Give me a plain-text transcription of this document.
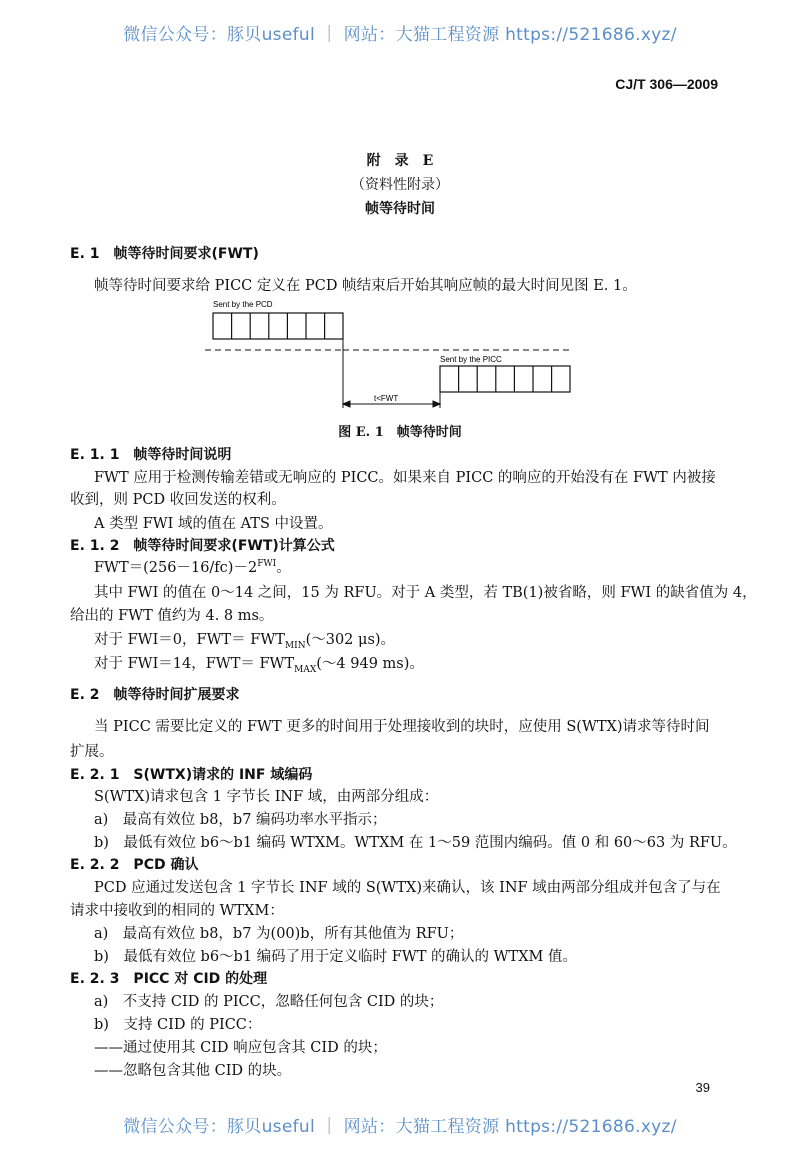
微信公众号：豚贝useful ｜ 网站：大猫工程资源 https://521686.xyz/
CJ/T 306—2009
附　录　E
（资料性附录）
帧等待时间
E. 1　帧等待时间要求(FWT)
帧等待时间要求给 PICC 定义在 PCD 帧结束后开始其响应帧的最大时间见图 E. 1。
Sent by the PCD
Sent by the PICC
t<FWT
图 E. 1　帧等待时间
E. 1. 1　帧等待时间说明
FWT 应用于检测传输差错或无响应的 PICC。如果来自 PICC 的响应的开始没有在 FWT 内被接
收到，则 PCD 收回发送的权利。
A 类型 FWI 域的值在 ATS 中设置。
E. 1. 2　帧等待时间要求(FWT)计算公式
$FWT=(256-16/fc)-2^{FWI}$。
其中 FWI 的值在 0～14 之间，15 为 RFU。对于 A 类型，若 TB(1)被省略，则 FWI 的缺省值为 4，
给出的 FWT 值约为 4. 8 ms。
对于 FWI＝0，$FWT= FWT_{MIN}(\sim 302$ μs)。
对于 FWI＝14，$FWT= FWT_{MAX}(\sim 4$ 949 ms)。
E. 2　帧等待时间扩展要求
当 PICC 需要比定义的 FWT 更多的时间用于处理接收到的块时，应使用 S(WTX)请求等待时间
扩展。
E. 2. 1　S(WTX)请求的 INF 域编码
S(WTX)请求包含 1 字节长 INF 域，由两部分组成：
a)　最高有效位 b8，b7 编码功率水平指示；
b)　最低有效位 b6～b1 编码 WTXM。WTXM 在 1～59 范围内编码。值 0 和 60～63 为 RFU。
E. 2. 2　PCD 确认
PCD 应通过发送包含 1 字节长 INF 域的 S(WTX)来确认，该 INF 域由两部分组成并包含了与在
请求中接收到的相同的 WTXM：
a)　最高有效位 b8，b7 为(00)b，所有其他值为 RFU；
b)　最低有效位 b6～b1 编码了用于定义临时 FWT 的确认的 WTXM 值。
E. 2. 3　PICC 对 CID 的处理
a)　不支持 CID 的 PICC，忽略任何包含 CID 的块；
b)　支持 CID 的 PICC：
——通过使用其 CID 响应包含其 CID 的块；
——忽略包含其他 CID 的块。
39
微信公众号：豚贝useful ｜ 网站：大猫工程资源 https://521686.xyz/
